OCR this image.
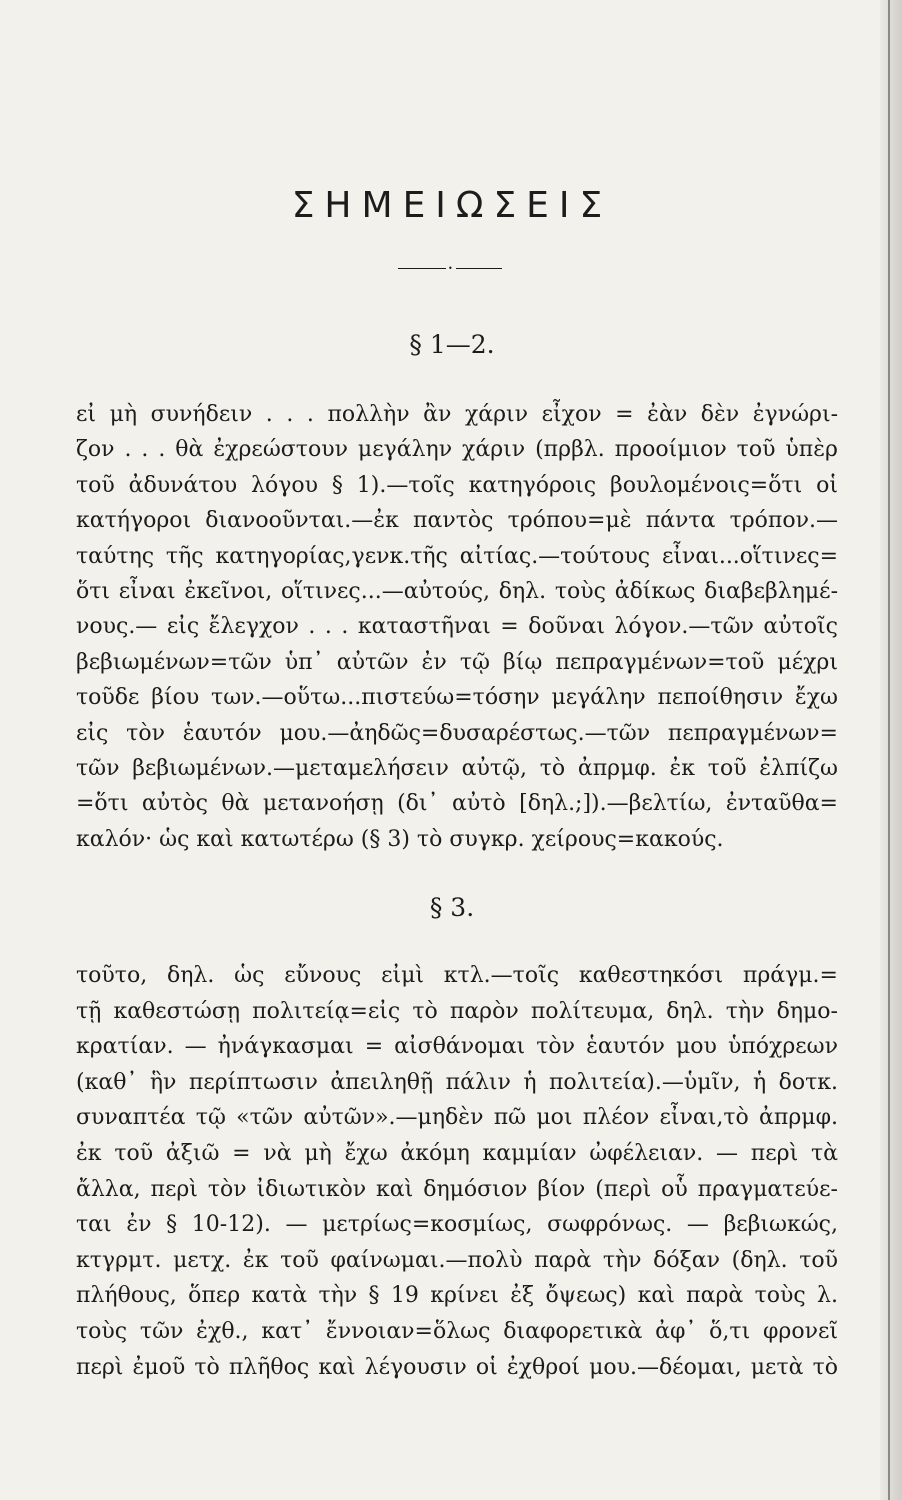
ΣΗΜΕΙΩΣΕΙΣ
•
§ 1—2.
εἰ μὴ συνήδειν . . . πολλὴν ἂν χάριν εἶχον = ἐὰν δὲν ἐγνώρι-
ζον . . . θὰ ἐχρεώστουν μεγάλην χάριν (πρβλ. προοίμιον τοῦ ὑπὲρ
τοῦ ἀδυνάτου λόγου § 1).—τοῖς κατηγόροις βουλομένοις=ὅτι οἱ
κατήγοροι διανοοῦνται.—ἐκ παντὸς τρόπου=μὲ πάντα τρόπον.—
ταύτης τῆς κατηγορίας,γενκ.τῆς αἰτίας.—τούτους εἶναι...οἵτινες=
ὅτι εἶναι ἐκεῖνοι, οἵτινες...—αὐτούς, δηλ. τοὺς ἀδίκως διαβεβλημέ-
νους.— εἰς ἔλεγχον . . . καταστῆναι = δοῦναι λόγον.—τῶν αὐτοῖς
βεβιωμένων=τῶν ὑπ᾽ αὐτῶν ἐν τῷ βίῳ πεπραγμένων=τοῦ μέχρι
τοῦδε βίου των.—οὕτω...πιστεύω=τόσην μεγάλην πεποίθησιν ἔχω
εἰς τὸν ἑαυτόν μου.—ἀηδῶς=δυσαρέστως.—τῶν πεπραγμένων=
τῶν βεβιωμένων.—μεταμελήσειν αὐτῷ, τὸ ἀπρμφ. ἐκ τοῦ ἐλπίζω
=ὅτι αὐτὸς θὰ μετανοήσῃ (δι᾽ αὐτὸ [δηλ.;]).—βελτίω, ἐνταῦθα=
καλόν· ὡς καὶ κατωτέρω (§ 3) τὸ συγκρ. χείρους=κακούς.
§ 3.
τοῦτο, δηλ. ὡς εὔνους εἰμὶ κτλ.—τοῖς καθεστηκόσι πράγμ.=
τῇ καθεστώσῃ πολιτείᾳ=εἰς τὸ παρὸν πολίτευμα, δηλ. τὴν δημο-
κρατίαν. — ἠνάγκασμαι = αἰσθάνομαι τὸν ἑαυτόν μου ὑπόχρεων
(καθ᾽ ἣν περίπτωσιν ἀπειληθῇ πάλιν ἡ πολιτεία).—ὑμῖν, ἡ δοτκ.
συναπτέα τῷ «τῶν αὐτῶν».—μηδὲν πῶ μοι πλέον εἶναι,τὸ ἀπρμφ.
ἐκ τοῦ ἀξιῶ = νὰ μὴ ἔχω ἀκόμη καμμίαν ὠφέλειαν. — περὶ τὰ
ἄλλα, περὶ τὸν ἰδιωτικὸν καὶ δημόσιον βίον (περὶ οὗ πραγματεύε-
ται ἐν § 10-12). — μετρίως=κοσμίως, σωφρόνως. — βεβιωκώς,
κτγρμτ. μετχ. ἐκ τοῦ φαίνωμαι.—πολὺ παρὰ τὴν δόξαν (δηλ. τοῦ
πλήθους, ὅπερ κατὰ τὴν § 19 κρίνει ἐξ ὄψεως) καὶ παρὰ τοὺς λ.
τοὺς τῶν ἐχθ., κατ᾽ ἔννοιαν=ὅλως διαφορετικὰ ἀφ᾽ ὅ,τι φρονεῖ
περὶ ἐμοῦ τὸ πλῆθος καὶ λέγουσιν οἱ ἐχθροί μου.—δέομαι, μετὰ τὸ
